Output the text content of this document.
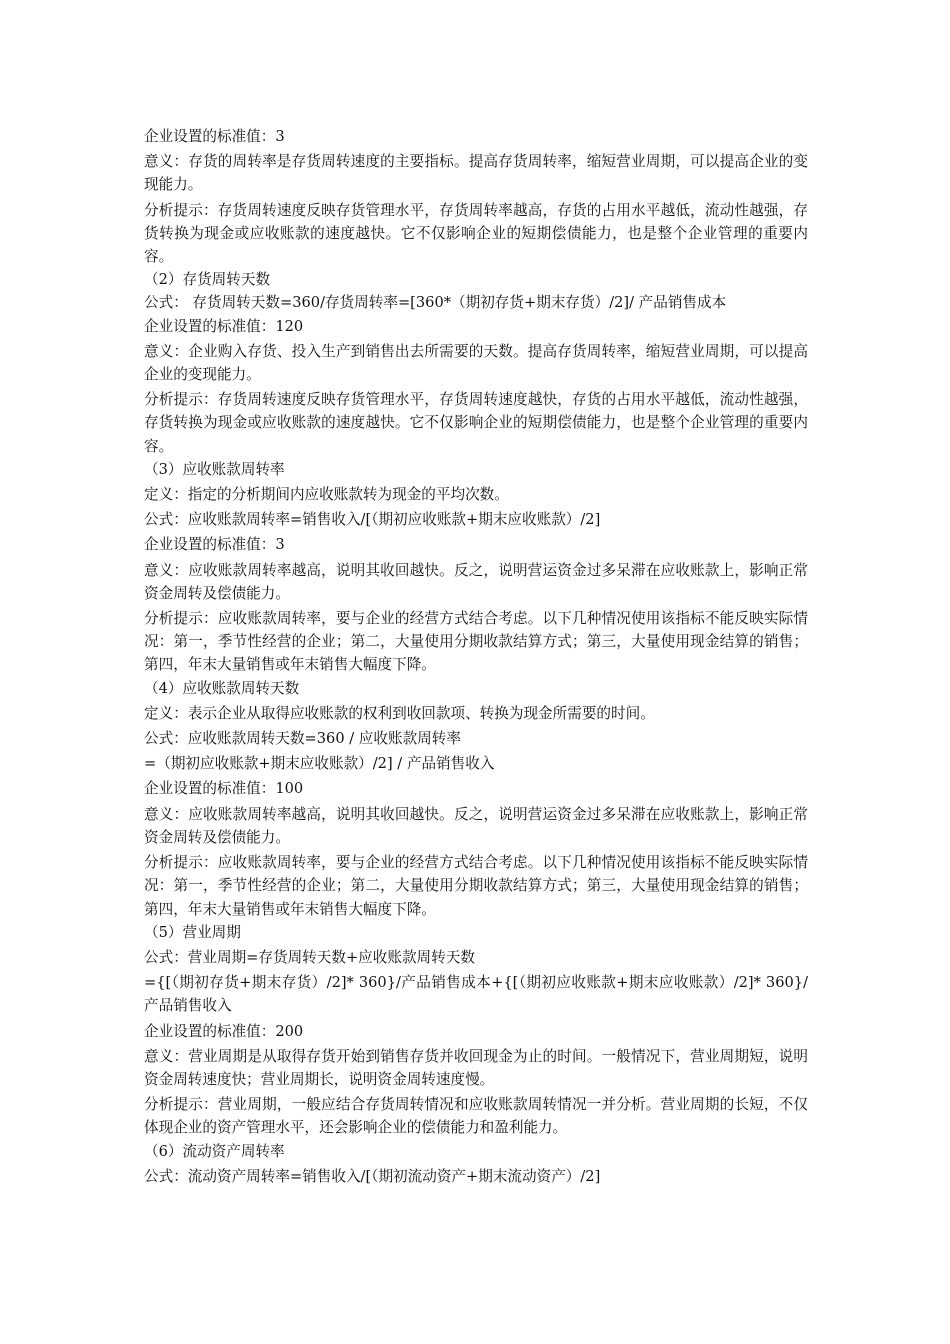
企业设置的标准值：3

意义：存货的周转率是存货周转速度的主要指标。提高存货周转率，缩短营业周期，可以提高企业的变现能力。

分析提示：存货周转速度反映存货管理水平，存货周转率越高，存货的占用水平越低，流动性越强，存货转换为现金或应收账款的速度越快。它不仅影响企业的短期偿债能力，也是整个企业管理的重要内容。

（2）存货周转天数

公式： 存货周转天数=360/存货周转率=[360*（期初存货+期末存货）/2]/ 产品销售成本

企业设置的标准值：120

意义：企业购入存货、投入生产到销售出去所需要的天数。提高存货周转率，缩短营业周期，可以提高企业的变现能力。

分析提示：存货周转速度反映存货管理水平，存货周转速度越快，存货的占用水平越低，流动性越强，存货转换为现金或应收账款的速度越快。它不仅影响企业的短期偿债能力，也是整个企业管理的重要内容。

（3）应收账款周转率

定义：指定的分析期间内应收账款转为现金的平均次数。

公式：应收账款周转率=销售收入/[（期初应收账款+期末应收账款）/2]

企业设置的标准值：3

意义：应收账款周转率越高，说明其收回越快。反之，说明营运资金过多呆滞在应收账款上，影响正常资金周转及偿债能力。

分析提示：应收账款周转率，要与企业的经营方式结合考虑。以下几种情况使用该指标不能反映实际情况：第一，季节性经营的企业；第二，大量使用分期收款结算方式；第三，大量使用现金结算的销售；第四，年末大量销售或年末销售大幅度下降。

（4）应收账款周转天数

定义：表示企业从取得应收账款的权利到收回款项、转换为现金所需要的时间。

公式：应收账款周转天数=360 / 应收账款周转率

=（期初应收账款+期末应收账款）/2] / 产品销售收入

企业设置的标准值：100

意义：应收账款周转率越高，说明其收回越快。反之，说明营运资金过多呆滞在应收账款上，影响正常资金周转及偿债能力。

分析提示：应收账款周转率，要与企业的经营方式结合考虑。以下几种情况使用该指标不能反映实际情况：第一，季节性经营的企业；第二，大量使用分期收款结算方式；第三，大量使用现金结算的销售；第四，年末大量销售或年末销售大幅度下降。

（5）营业周期

公式：营业周期=存货周转天数+应收账款周转天数

={[（期初存货+期末存货）/2]* 360}/产品销售成本+{[（期初应收账款+期末应收账款）/2]* 360}/产品销售收入

企业设置的标准值：200

意义：营业周期是从取得存货开始到销售存货并收回现金为止的时间。一般情况下，营业周期短，说明资金周转速度快；营业周期长，说明资金周转速度慢。

分析提示：营业周期，一般应结合存货周转情况和应收账款周转情况一并分析。营业周期的长短，不仅体现企业的资产管理水平，还会影响企业的偿债能力和盈利能力。

（6）流动资产周转率

公式：流动资产周转率=销售收入/[（期初流动资产+期末流动资产）/2]
